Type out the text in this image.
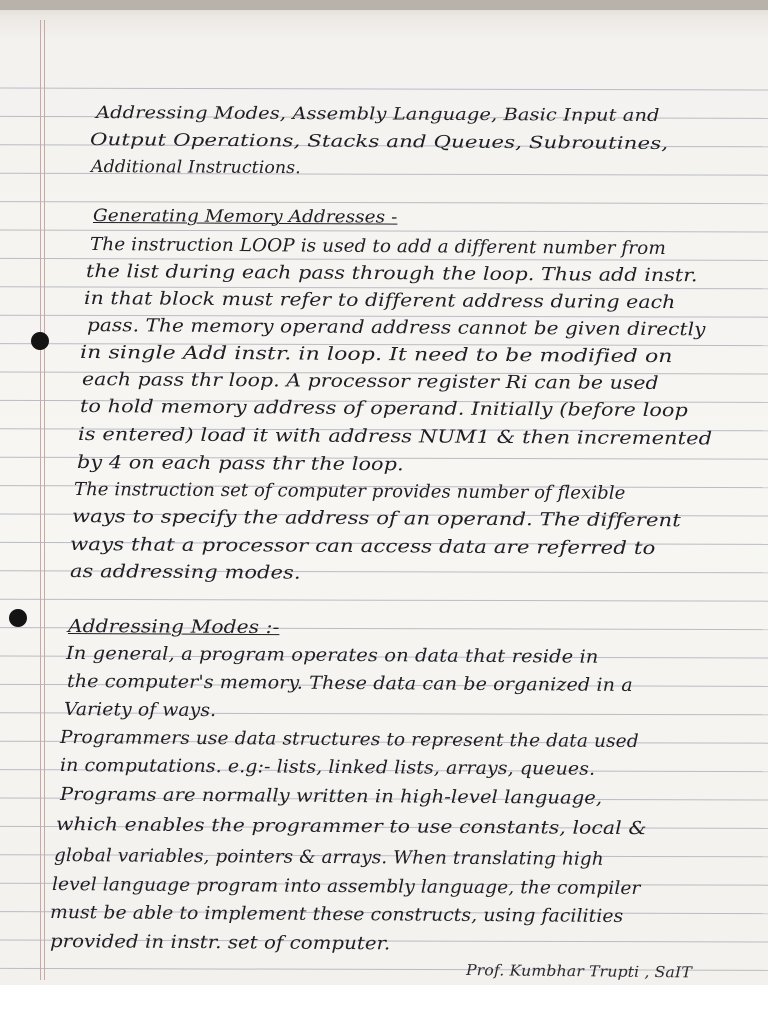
Addressing Modes, Assembly Language, Basic Input and
Output Operations, Stacks and Queues, Subroutines,
Additional Instructions.
Generating Memory Addresses -
The instruction LOOP is used to add a different number from
the list during each pass through the loop. Thus add instr.
in that block must refer to different address during each
pass. The memory operand address cannot be given directly
in single Add instr. in loop. It need to be modified on
each pass thr loop. A processor register Ri can be used
to hold memory address of operand. Initially (before loop
is entered) load it with address NUM1 & then incremented
by 4 on each pass thr the loop.
The instruction set of computer provides number of flexible
ways to specify the address of an operand. The different
ways that a processor can access data are referred to
as addressing modes.
Addressing Modes :-
In general, a program operates on data that reside in
the computer's memory. These data can be organized in a
Variety of ways.
Programmers use data structures to represent the data used
in computations. e.g:- lists, linked lists, arrays, queues.
Programs are normally written in high-level language,
which enables the programmer to use constants, local &
global variables, pointers & arrays. When translating high
level language program into assembly language, the compiler
must be able to implement these constructs, using facilities
provided in instr. set of computer.
Prof. Kumbhar Trupti , SaIT
